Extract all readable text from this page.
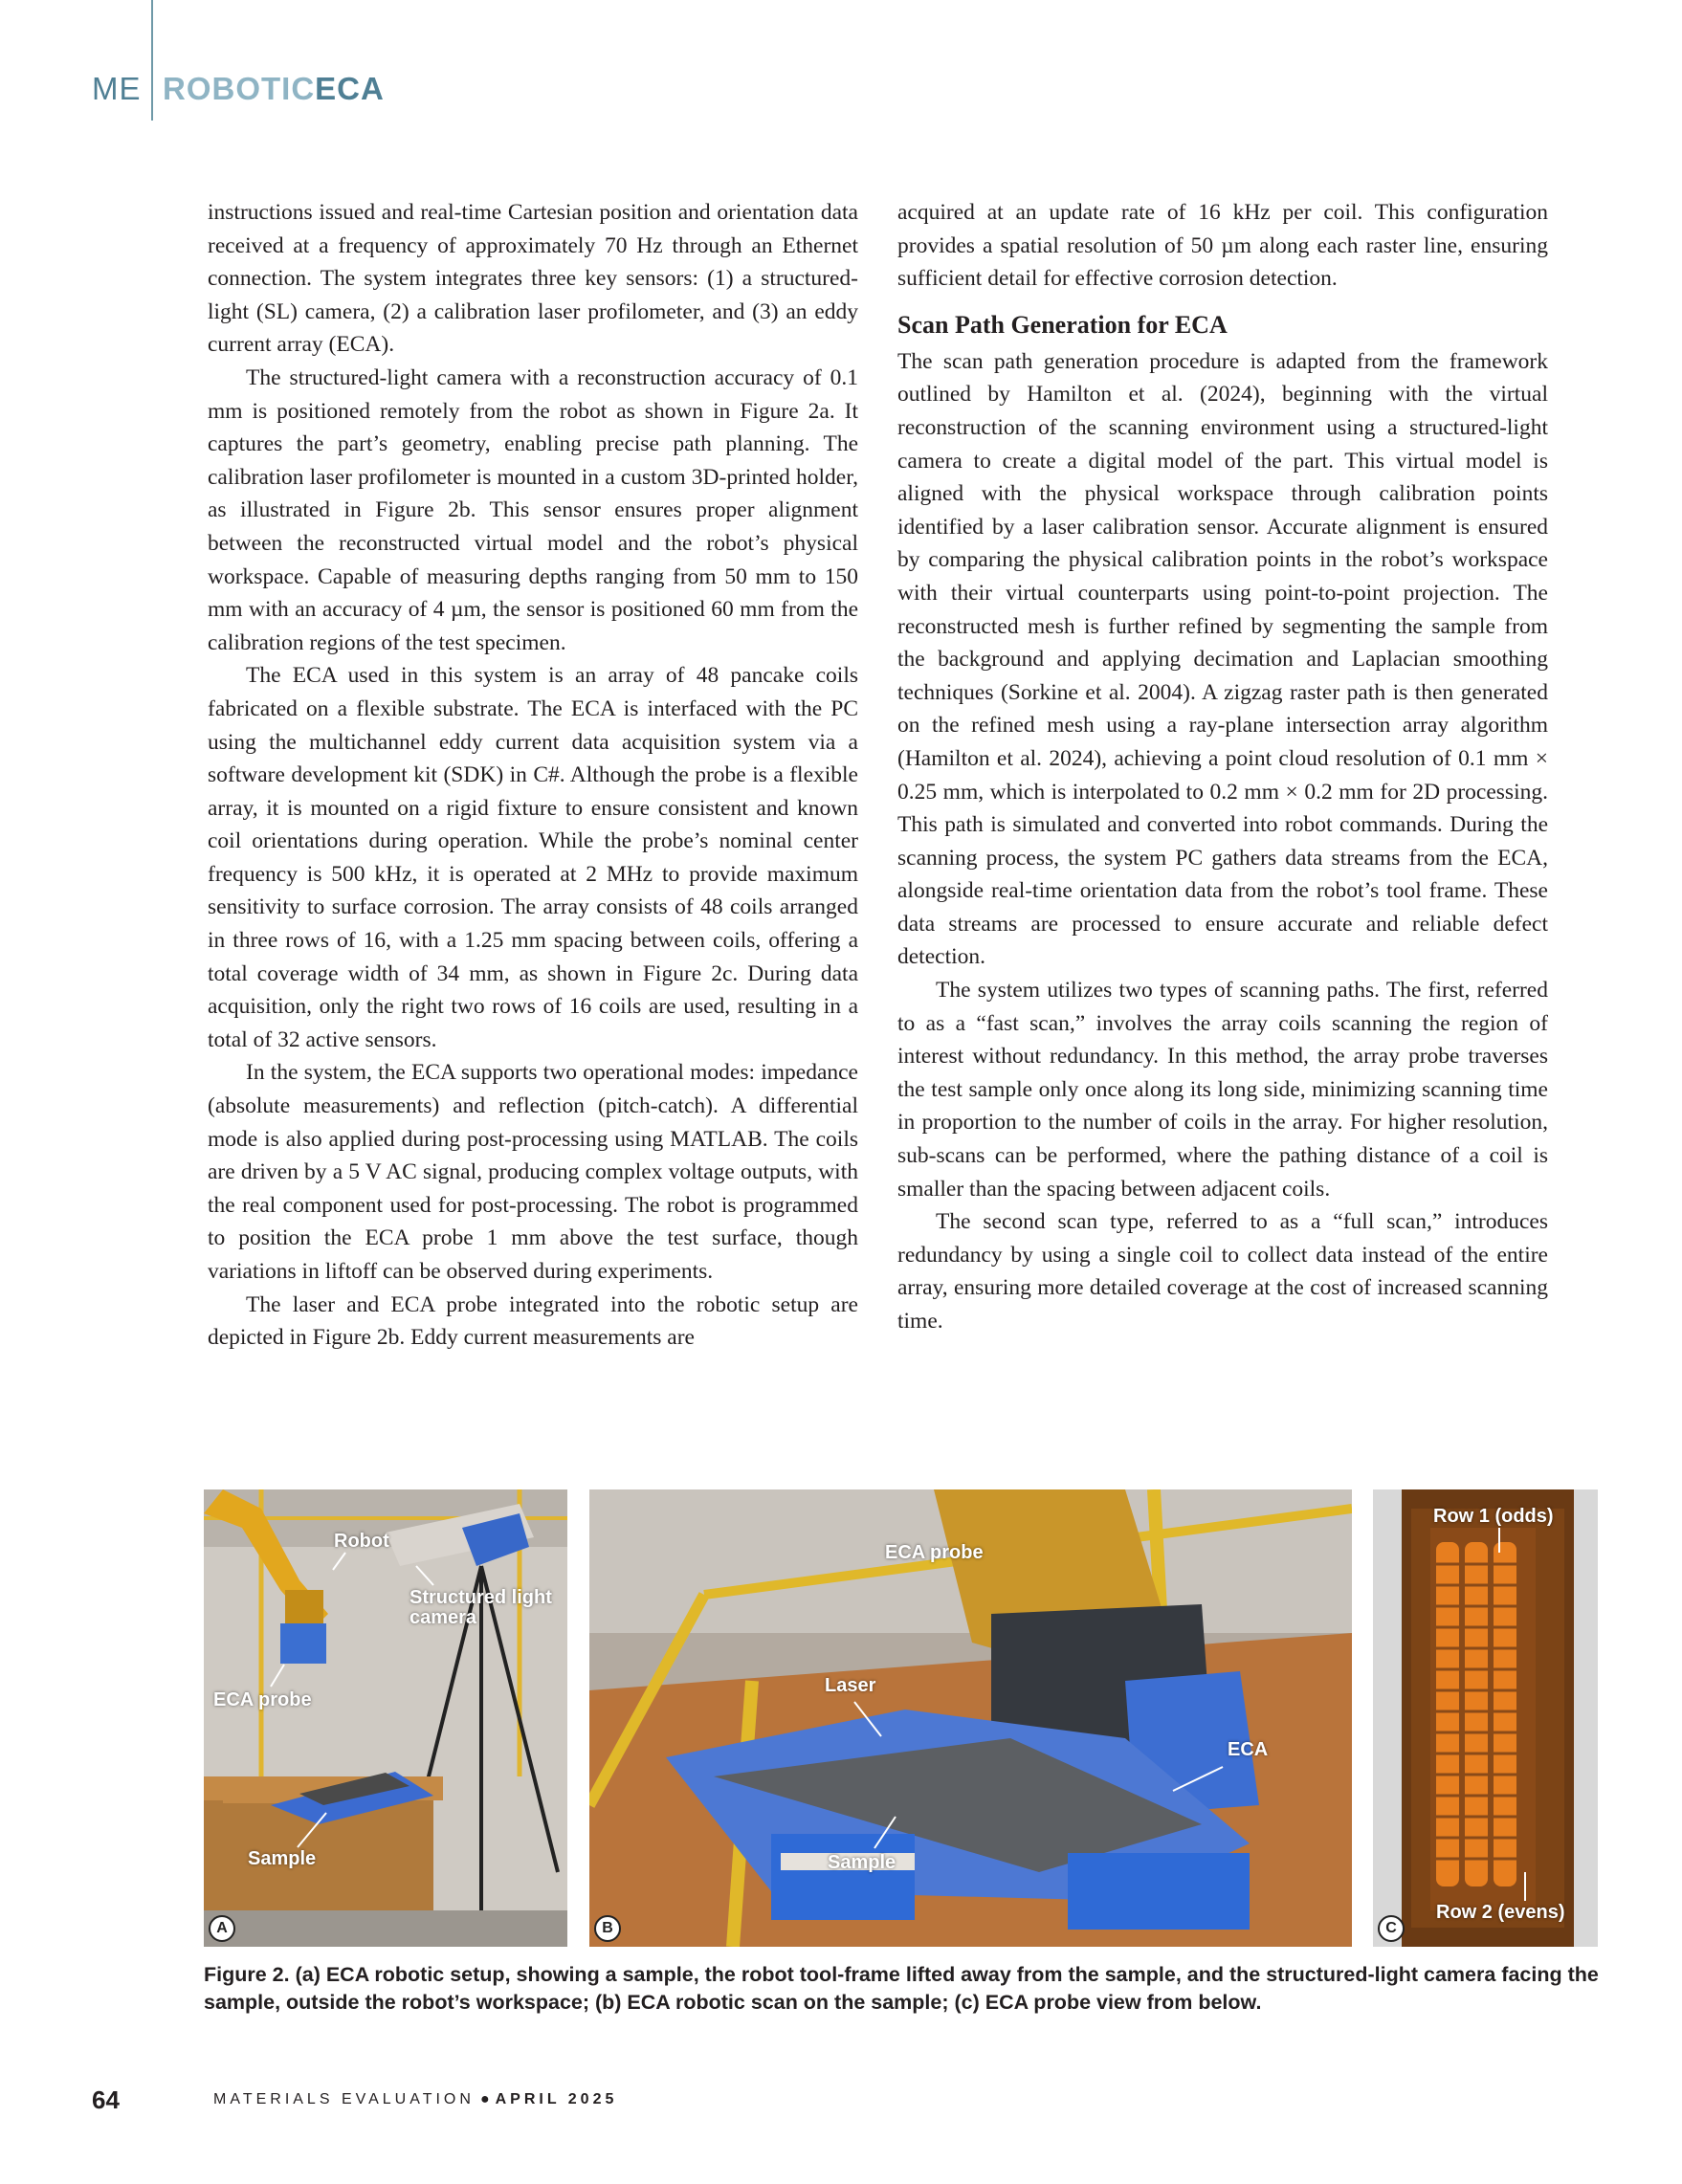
ME ROBOTICECA

instructions issued and real-time Cartesian position and orientation data received at a frequency of approximately 70 Hz through an Ethernet connection. The system integrates three key sensors: (1) a structured-light (SL) camera, (2) a calibration laser profilometer, and (3) an eddy current array (ECA).

The structured-light camera with a reconstruction accuracy of 0.1 mm is positioned remotely from the robot as shown in Figure 2a. It captures the part’s geometry, enabling precise path planning. The calibration laser profilometer is mounted in a custom 3D-printed holder, as illustrated in Figure 2b. This sensor ensures proper alignment between the reconstructed virtual model and the robot’s physical workspace. Capable of measuring depths ranging from 50 mm to 150 mm with an accuracy of 4 µm, the sensor is positioned 60 mm from the calibration regions of the test specimen.

The ECA used in this system is an array of 48 pancake coils fabricated on a flexible substrate. The ECA is interfaced with the PC using the multichannel eddy current data acquisition system via a software development kit (SDK) in C#. Although the probe is a flexible array, it is mounted on a rigid fixture to ensure consistent and known coil orientations during operation. While the probe’s nominal center frequency is 500 kHz, it is operated at 2 MHz to provide maximum sensitivity to surface corrosion. The array consists of 48 coils arranged in three rows of 16, with a 1.25 mm spacing between coils, offering a total coverage width of 34 mm, as shown in Figure 2c. During data acquisition, only the right two rows of 16 coils are used, resulting in a total of 32 active sensors.

In the system, the ECA supports two operational modes: impedance (absolute measurements) and reflection (pitch-catch). A differential mode is also applied during post-processing using MATLAB. The coils are driven by a 5 V AC signal, producing complex voltage outputs, with the real component used for post-processing. The robot is programmed to position the ECA probe 1 mm above the test surface, though variations in liftoff can be observed during experiments.

The laser and ECA probe integrated into the robotic setup are depicted in Figure 2b. Eddy current measurements are

acquired at an update rate of 16 kHz per coil. This configuration provides a spatial resolution of 50 µm along each raster line, ensuring sufficient detail for effective corrosion detection.

Scan Path Generation for ECA

The scan path generation procedure is adapted from the framework outlined by Hamilton et al. (2024), beginning with the virtual reconstruction of the scanning environment using a structured-light camera to create a digital model of the part. This virtual model is aligned with the physical workspace through calibration points identified by a laser calibration sensor. Accurate alignment is ensured by comparing the physical calibration points in the robot’s workspace with their virtual counterparts using point-to-point projection. The reconstructed mesh is further refined by segmenting the sample from the background and applying decimation and Laplacian smoothing techniques (Sorkine et al. 2004). A zigzag raster path is then generated on the refined mesh using a ray-plane intersection array algorithm (Hamilton et al. 2024), achieving a point cloud resolution of 0.1 mm × 0.25 mm, which is interpolated to 0.2 mm × 0.2 mm for 2D processing. This path is simulated and converted into robot commands. During the scanning process, the system PC gathers data streams from the ECA, alongside real-time orientation data from the robot’s tool frame. These data streams are processed to ensure accurate and reliable defect detection.

The system utilizes two types of scanning paths. The first, referred to as a “fast scan,” involves the array coils scanning the region of interest without redundancy. In this method, the array probe traverses the test sample only once along its long side, minimizing scanning time in proportion to the number of coils in the array. For higher resolution, sub-scans can be performed, where the pathing distance of a coil is smaller than the spacing between adjacent coils.

The second scan type, referred to as a “full scan,” introduces redundancy by using a single coil to collect data instead of the entire array, ensuring more detailed coverage at the cost of increased scanning time.

Robot
Structured light camera
ECA probe
Sample
A
ECA probe
Laser
ECA
Sample
B
Row 1 (odds)
Row 2 (evens)
C
Figure 2. (a) ECA robotic setup, showing a sample, the robot tool-frame lifted away from the sample, and the structured-light camera facing the sample, outside the robot’s workspace; (b) ECA robotic scan on the sample; (c) ECA probe view from below.
64	MATERIALS EVALUATION ● APRIL 2025
